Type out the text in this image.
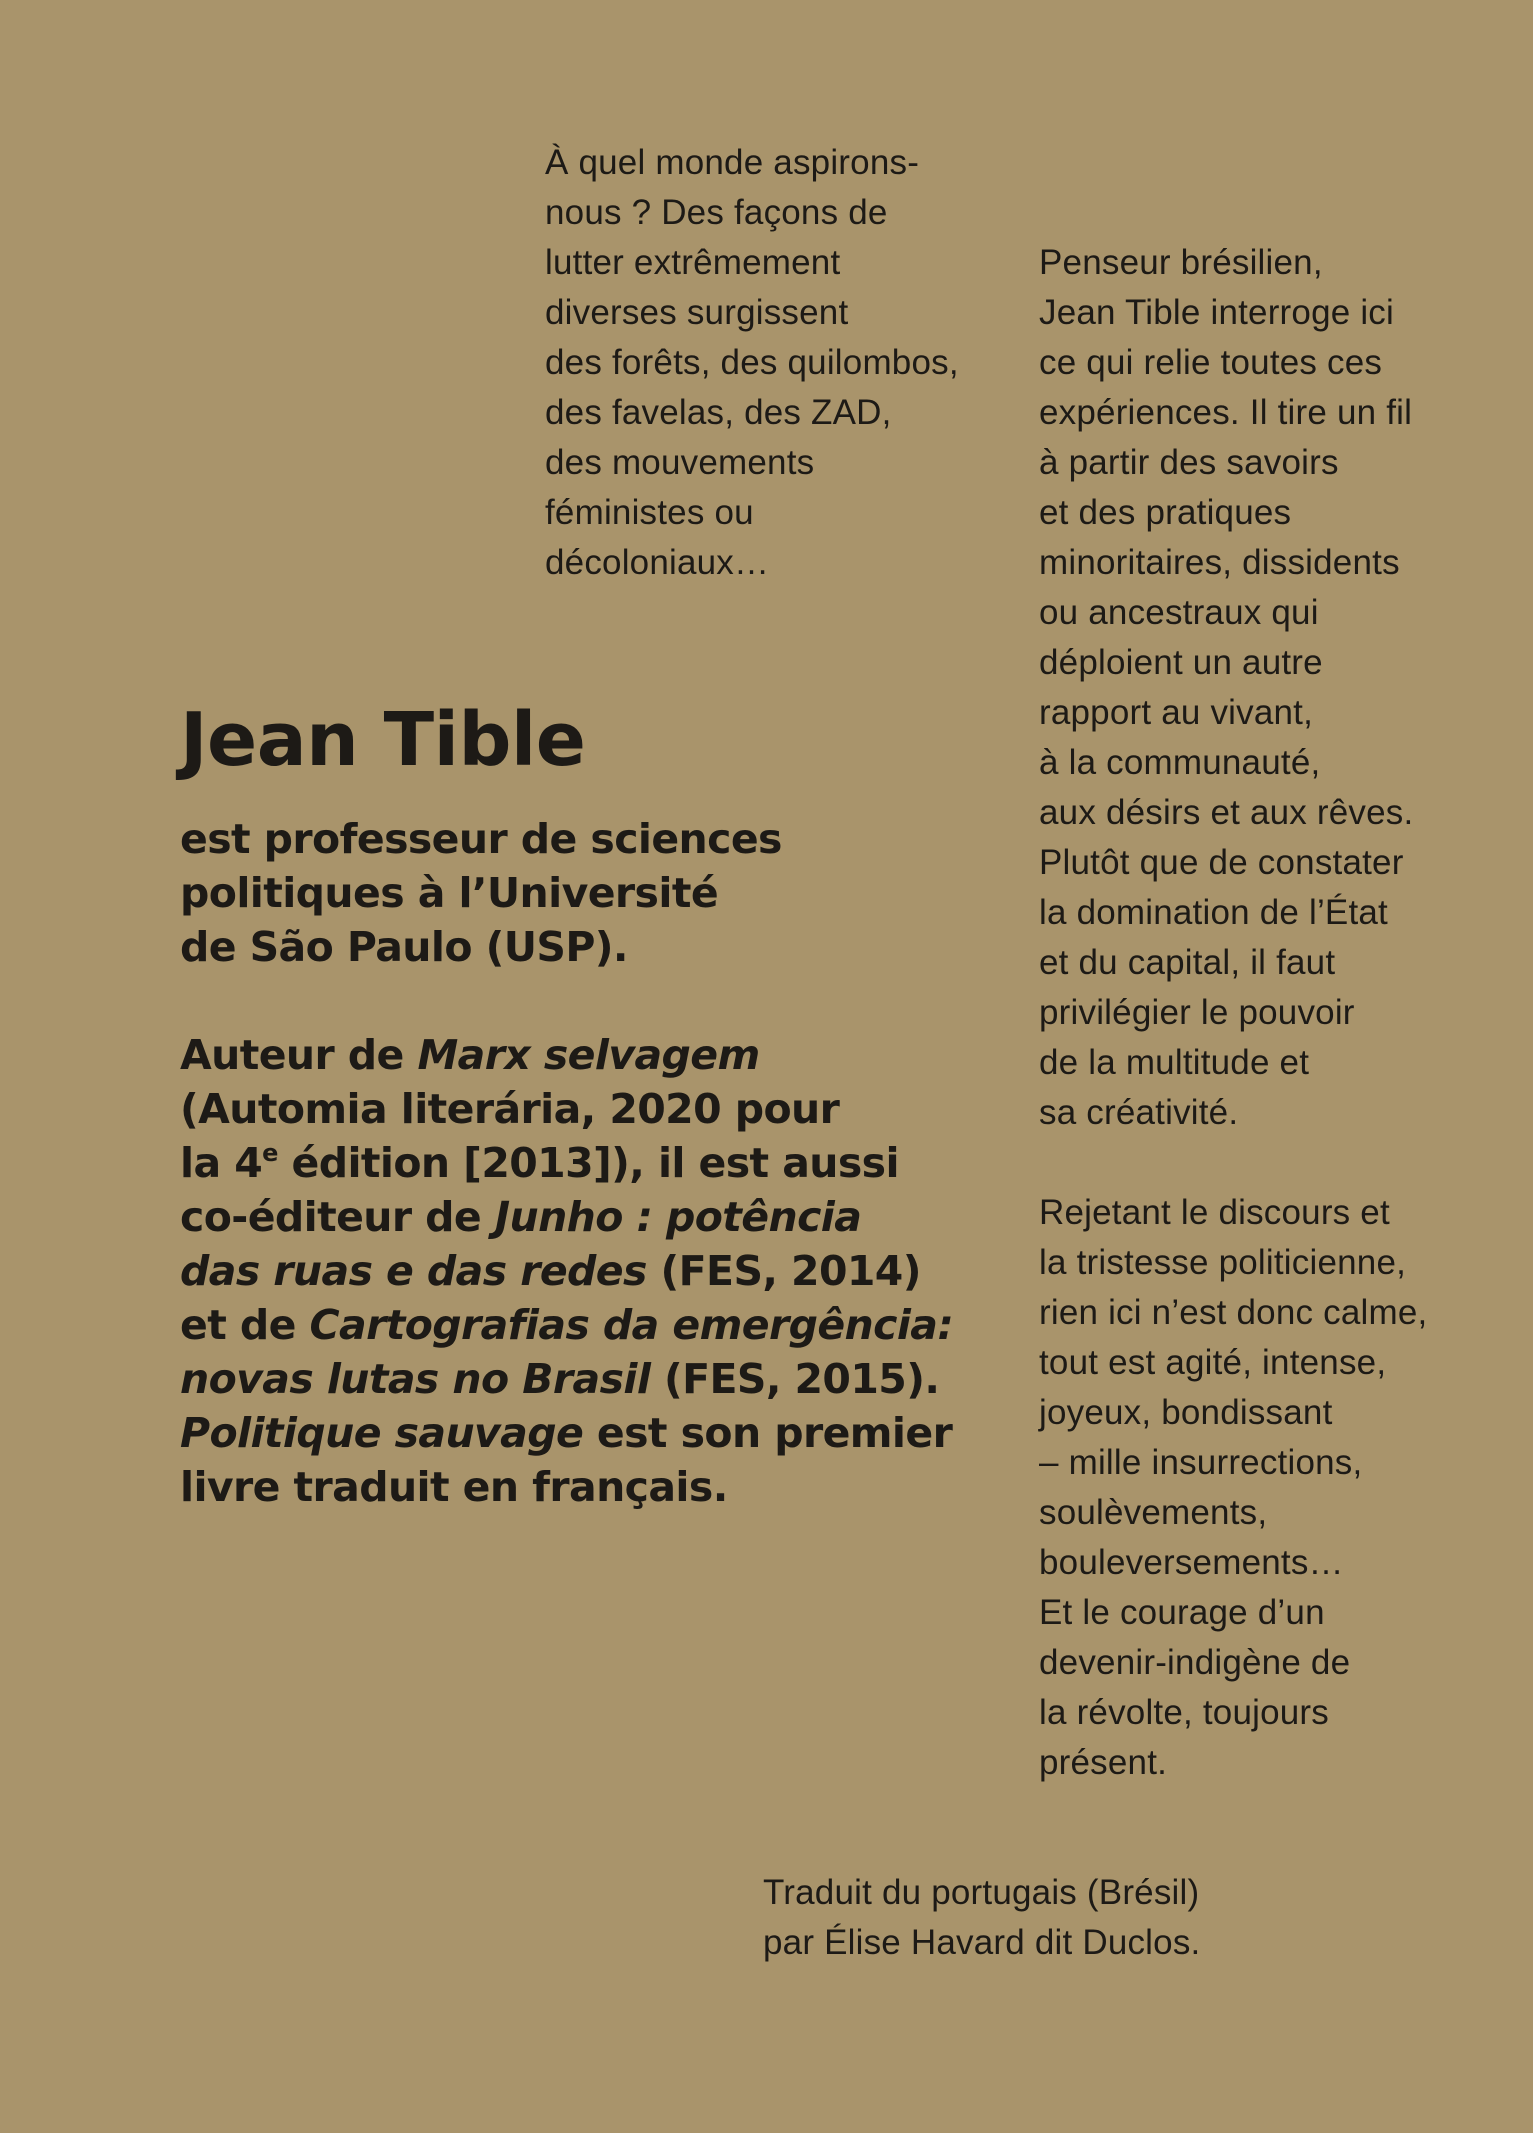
À quel monde aspirons-
nous ? Des façons de
lutter extrêmement
diverses surgissent
des forêts, des quilombos,
des favelas, des ZAD,
des mouvements
féministes ou
décoloniaux…

Penseur brésilien,
Jean Tible interroge ici
ce qui relie toutes ces
expériences. Il tire un fil
à partir des savoirs
et des pratiques
minoritaires, dissidents
ou ancestraux qui
déploient un autre
rapport au vivant,
à la communauté,
aux désirs et aux rêves.
Plutôt que de constater
la domination de l’État
et du capital, il faut
privilégier le pouvoir
de la multitude et
sa créativité.

Rejetant le discours et
la tristesse politicienne,
rien ici n’est donc calme,
tout est agité, intense,
joyeux, bondissant
– mille insurrections,
soulèvements,
bouleversements…
Et le courage d’un
devenir-indigène de
la révolte, toujours
présent.

Jean Tible

est professeur de sciences
politiques à l’Université
de São Paulo (USP).

Auteur de Marx selvagem
(Automia literária, 2020 pour
la 4e édition [2013]), il est aussi
co-éditeur de Junho : potência
das ruas e das redes (FES, 2014)
et de Cartografias da emergência:
novas lutas no Brasil (FES, 2015).
Politique sauvage est son premier
livre traduit en français.

Traduit du portugais (Brésil)
par Élise Havard dit Duclos.
